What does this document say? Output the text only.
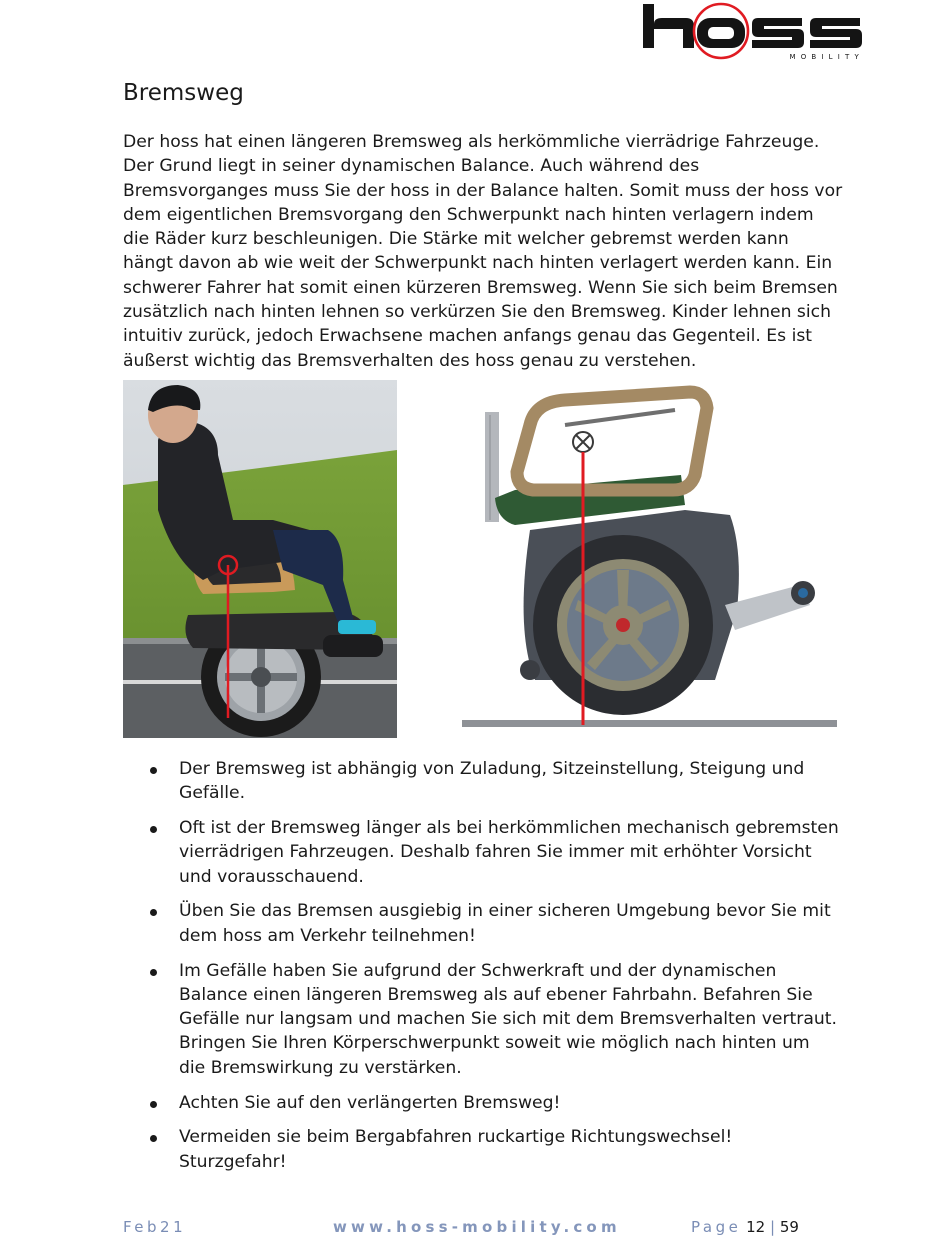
MOBILITY
Bremsweg

Der hoss hat einen längeren Bremsweg als herkömmliche vierrädrige Fahrzeuge. Der Grund liegt in seiner dynamischen Balance. Auch während des Bremsvorganges muss Sie der hoss in der Balance halten. Somit muss der hoss vor dem eigentlichen Bremsvorgang den Schwerpunkt nach hinten verlagern indem die Räder kurz beschleunigen. Die Stärke mit welcher gebremst werden kann hängt davon ab wie weit der Schwerpunkt nach hinten verlagert werden kann. Ein schwerer Fahrer hat somit einen kürzeren Bremsweg. Wenn Sie sich beim Bremsen zusätzlich nach hinten lehnen so verkürzen Sie den Bremsweg. Kinder lehnen sich intuitiv zurück, jedoch Erwachsene machen anfangs genau das Gegenteil. Es ist äußerst wichtig das Bremsverhalten des hoss genau zu verstehen.

Der Bremsweg ist abhängig von Zuladung, Sitzeinstellung, Steigung und Gefälle.
Oft ist der Bremsweg länger als bei herkömmlichen mechanisch gebremsten vierrädrigen Fahrzeugen. Deshalb fahren Sie immer mit erhöhter Vorsicht und vorausschauend.
Üben Sie das Bremsen ausgiebig in einer sicheren Umgebung bevor Sie mit dem hoss am Verkehr teilnehmen!
Im Gefälle haben Sie aufgrund der Schwerkraft und der dynamischen Balance einen längeren Bremsweg als auf ebener Fahrbahn. Befahren Sie Gefälle nur langsam und machen Sie sich mit dem Bremsverhalten vertraut. Bringen Sie Ihren Körperschwerpunkt soweit wie möglich nach hinten um die Bremswirkung zu verstärken.
Achten Sie auf den verlängerten Bremsweg!
Vermeiden sie beim Bergabfahren ruckartige Richtungswechsel! Sturzgefahr!
Feb21	www.hoss-mobility.com	Page 12 | 59
